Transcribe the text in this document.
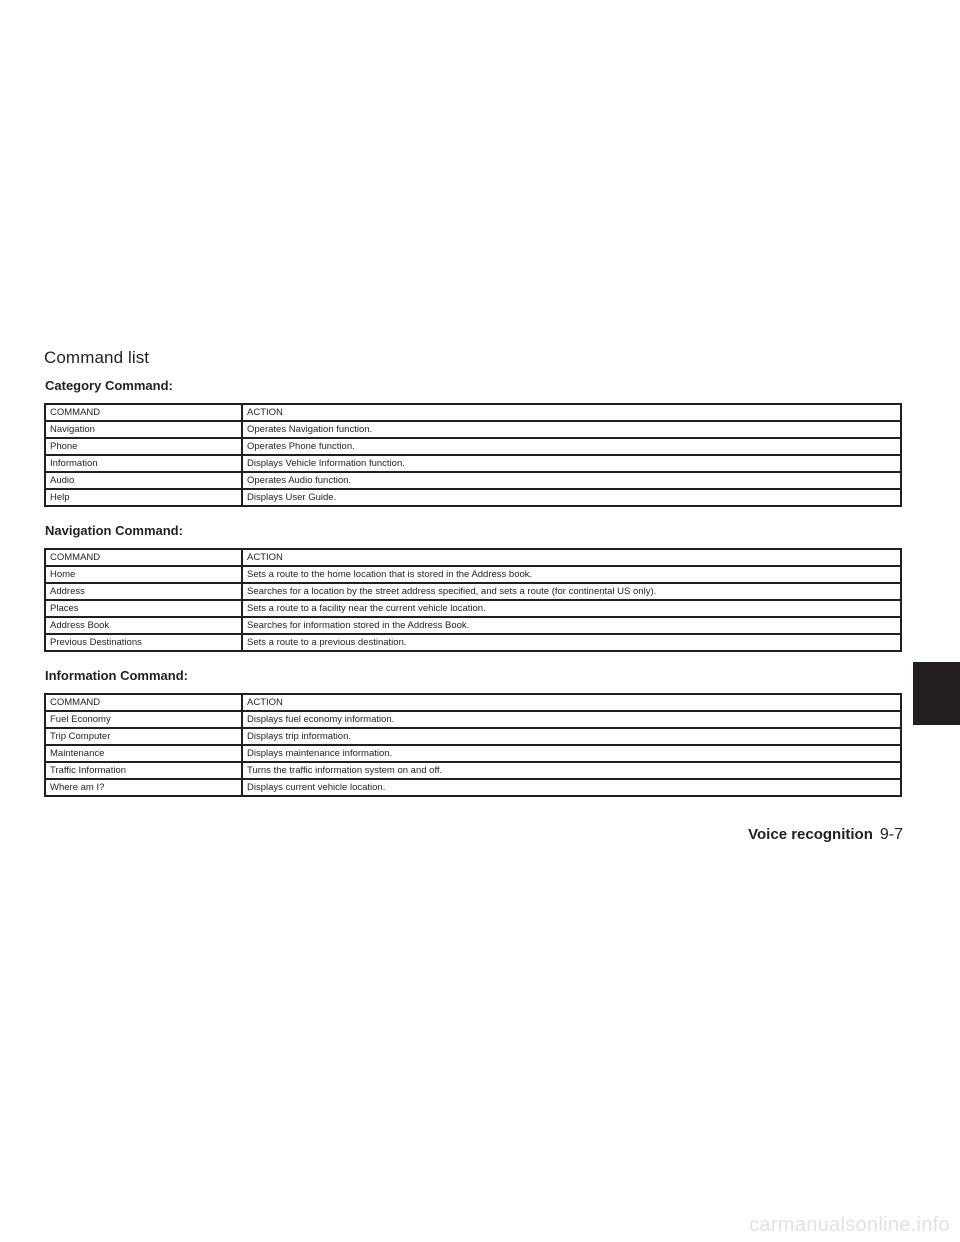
Command list
Category Command:
COMMAND	ACTION
Navigation	Operates Navigation function.
Phone	Operates Phone function.
Information	Displays Vehicle Information function.
Audio	Operates Audio function.
Help	Displays User Guide.
Navigation Command:
COMMAND	ACTION
Home	Sets a route to the home location that is stored in the Address book.
Address	Searches for a location by the street address specified, and sets a route (for continental US only).
Places	Sets a route to a facility near the current vehicle location.
Address Book	Searches for information stored in the Address Book.
Previous Destinations	Sets a route to a previous destination.
Information Command:
COMMAND	ACTION
Fuel Economy	Displays fuel economy information.
Trip Computer	Displays trip information.
Maintenance	Displays maintenance information.
Traffic Information	Turns the traffic information system on and off.
Where am I?	Displays current vehicle location.
Voice recognition 9-7
carmanualsonline.info
